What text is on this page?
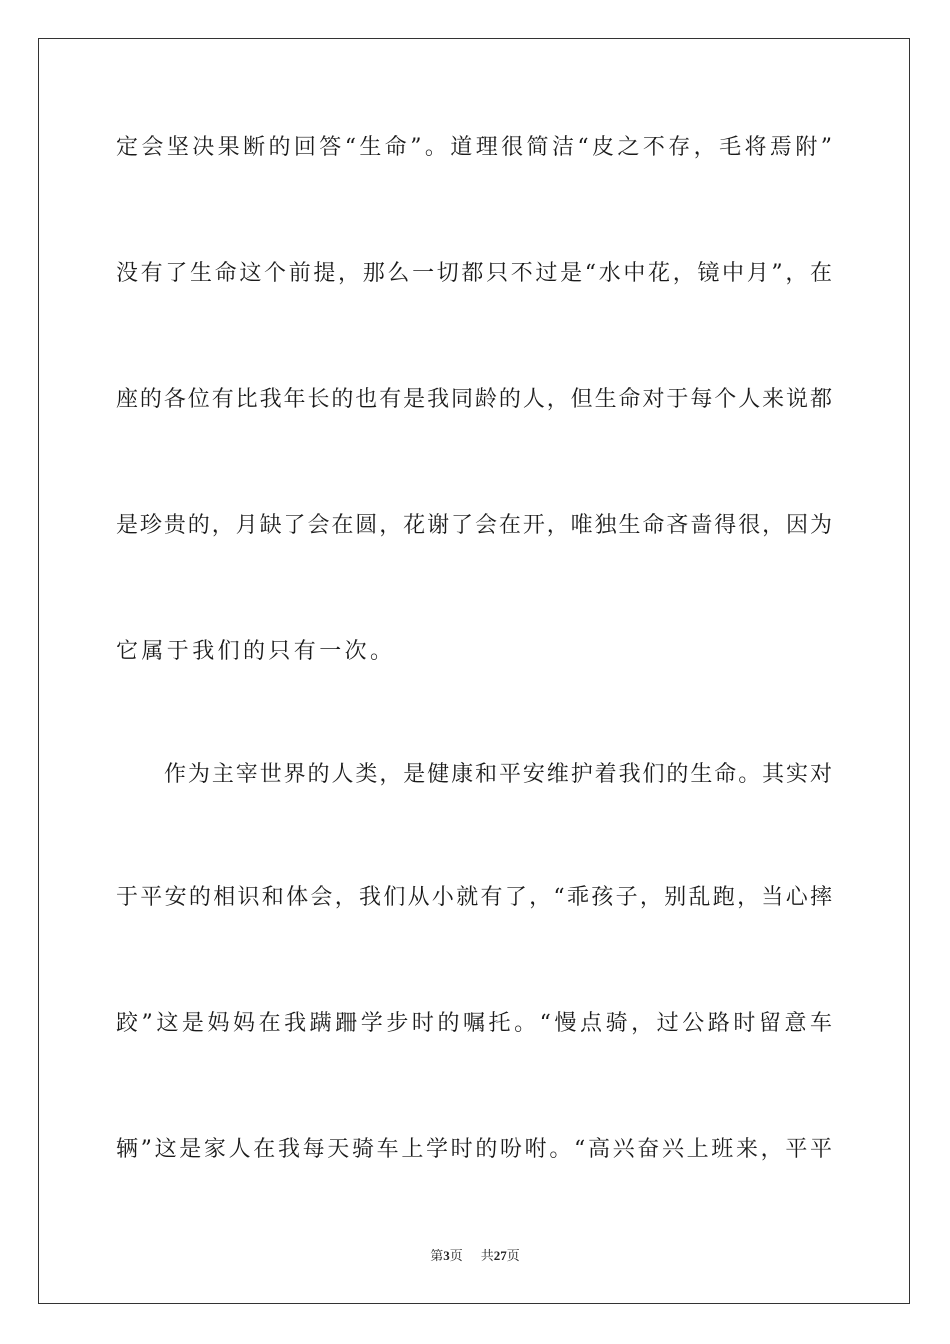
定会坚决果断的回答“生命”。道理很简洁“皮之不存，毛将焉附”
没有了生命这个前提，那么一切都只不过是“水中花，镜中月”，在
座的各位有比我年长的也有是我同龄的人，但生命对于每个人来说都
是珍贵的，月缺了会在圆，花谢了会在开，唯独生命吝啬得很，因为
它属于我们的只有一次。
作为主宰世界的人类，是健康和平安维护着我们的生命。其实对
于平安的相识和体会，我们从小就有了，“乖孩子，别乱跑，当心摔
跤”这是妈妈在我蹒跚学步时的嘱托。“慢点骑，过公路时留意车
辆”这是家人在我每天骑车上学时的吩咐。“高兴奋兴上班来，平平
第3页 共27页
